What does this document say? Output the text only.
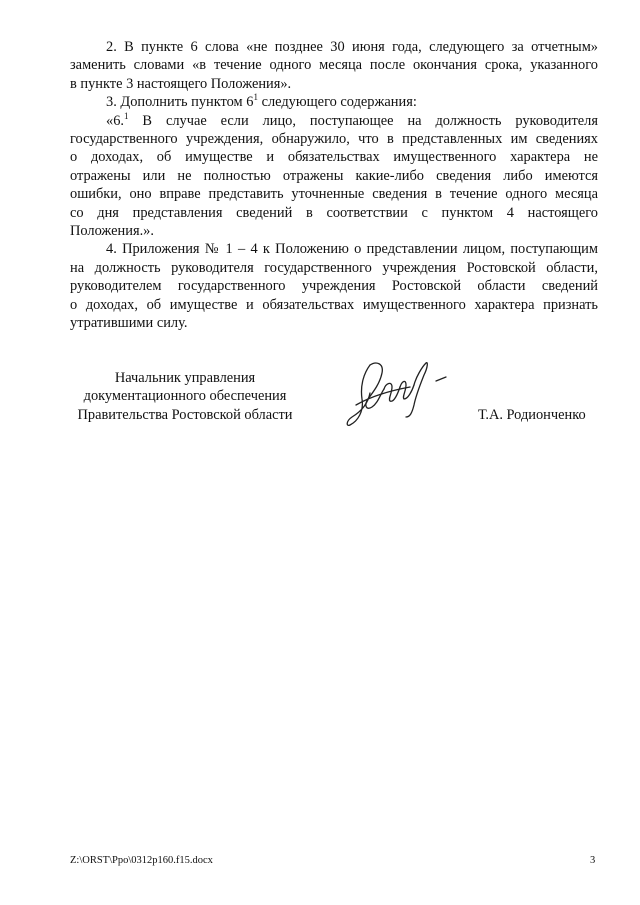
2. В пункте 6 слова «не позднее 30 июня года, следующего за отчетным»
заменить словами «в течение одного месяца после окончания срока, указанного
в пункте 3 настоящего Положения».
3. Дополнить пунктом $6^1$ следующего содержания:
«6.$^1$ В случае если лицо, поступающее на должность руководителя
государственного учреждения, обнаружило, что в представленных им сведениях
о доходах, об имуществе и обязательствах имущественного характера не
отражены или не полностью отражены какие-либо сведения либо имеются
ошибки, оно вправе представить уточненные сведения в течение одного месяца
со дня представления сведений в соответствии с пунктом 4 настоящего
Положения.».
4. Приложения № 1 – 4 к Положению о представлении лицом, поступающим
на должность руководителя государственного учреждения Ростовской области,
руководителем государственного учреждения Ростовской области сведений
о доходах, об имуществе и обязательствах имущественного характера признать
утратившими силу.
Начальник управления
документационного обеспечения
Правительства Ростовской области	Т.А. Родионченко
Z:\ORST\Ppo\0312p160.f15.docx	3
